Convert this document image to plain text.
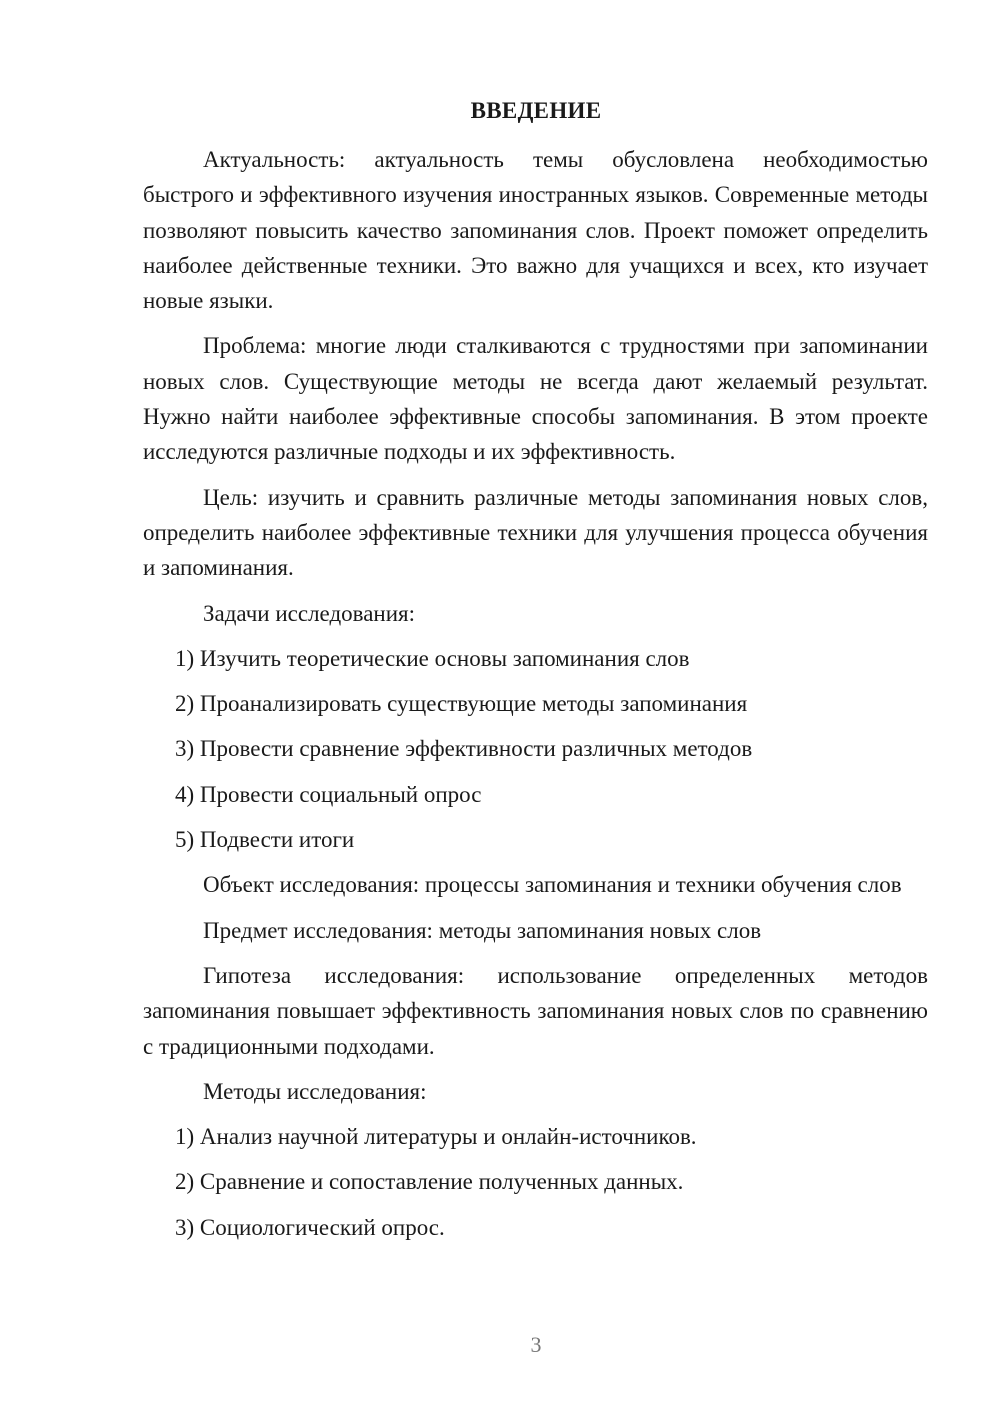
ВВЕДЕНИЕ

Актуальность: актуальность темы обусловлена необходимостью быстрого и эффективного изучения иностранных языков. Современные методы позволяют повысить качество запоминания слов. Проект поможет определить наиболее действенные техники. Это важно для учащихся и всех, кто изучает новые языки.

Проблема: многие люди сталкиваются с трудностями при запоминании новых слов. Существующие методы не всегда дают желаемый результат. Нужно найти наиболее эффективные способы запоминания. В этом проекте исследуются различные подходы и их эффективность.

Цель: изучить и сравнить различные методы запоминания новых слов, определить наиболее эффективные техники для улучшения процесса обучения и запоминания.

Задачи исследования:

1) Изучить теоретические основы запоминания слов

2) Проанализировать существующие методы запоминания

3) Провести сравнение эффективности различных методов

4) Провести социальный опрос

5) Подвести итоги

Объект исследования: процессы запоминания и техники обучения слов

Предмет исследования: методы запоминания новых слов

Гипотеза исследования: использование определенных методов запоминания повышает эффективность запоминания новых слов по сравнению с традиционными подходами.

Методы исследования:

1) Анализ научной литературы и онлайн-источников.

2) Сравнение и сопоставление полученных данных.

3) Социологический опрос.

3
